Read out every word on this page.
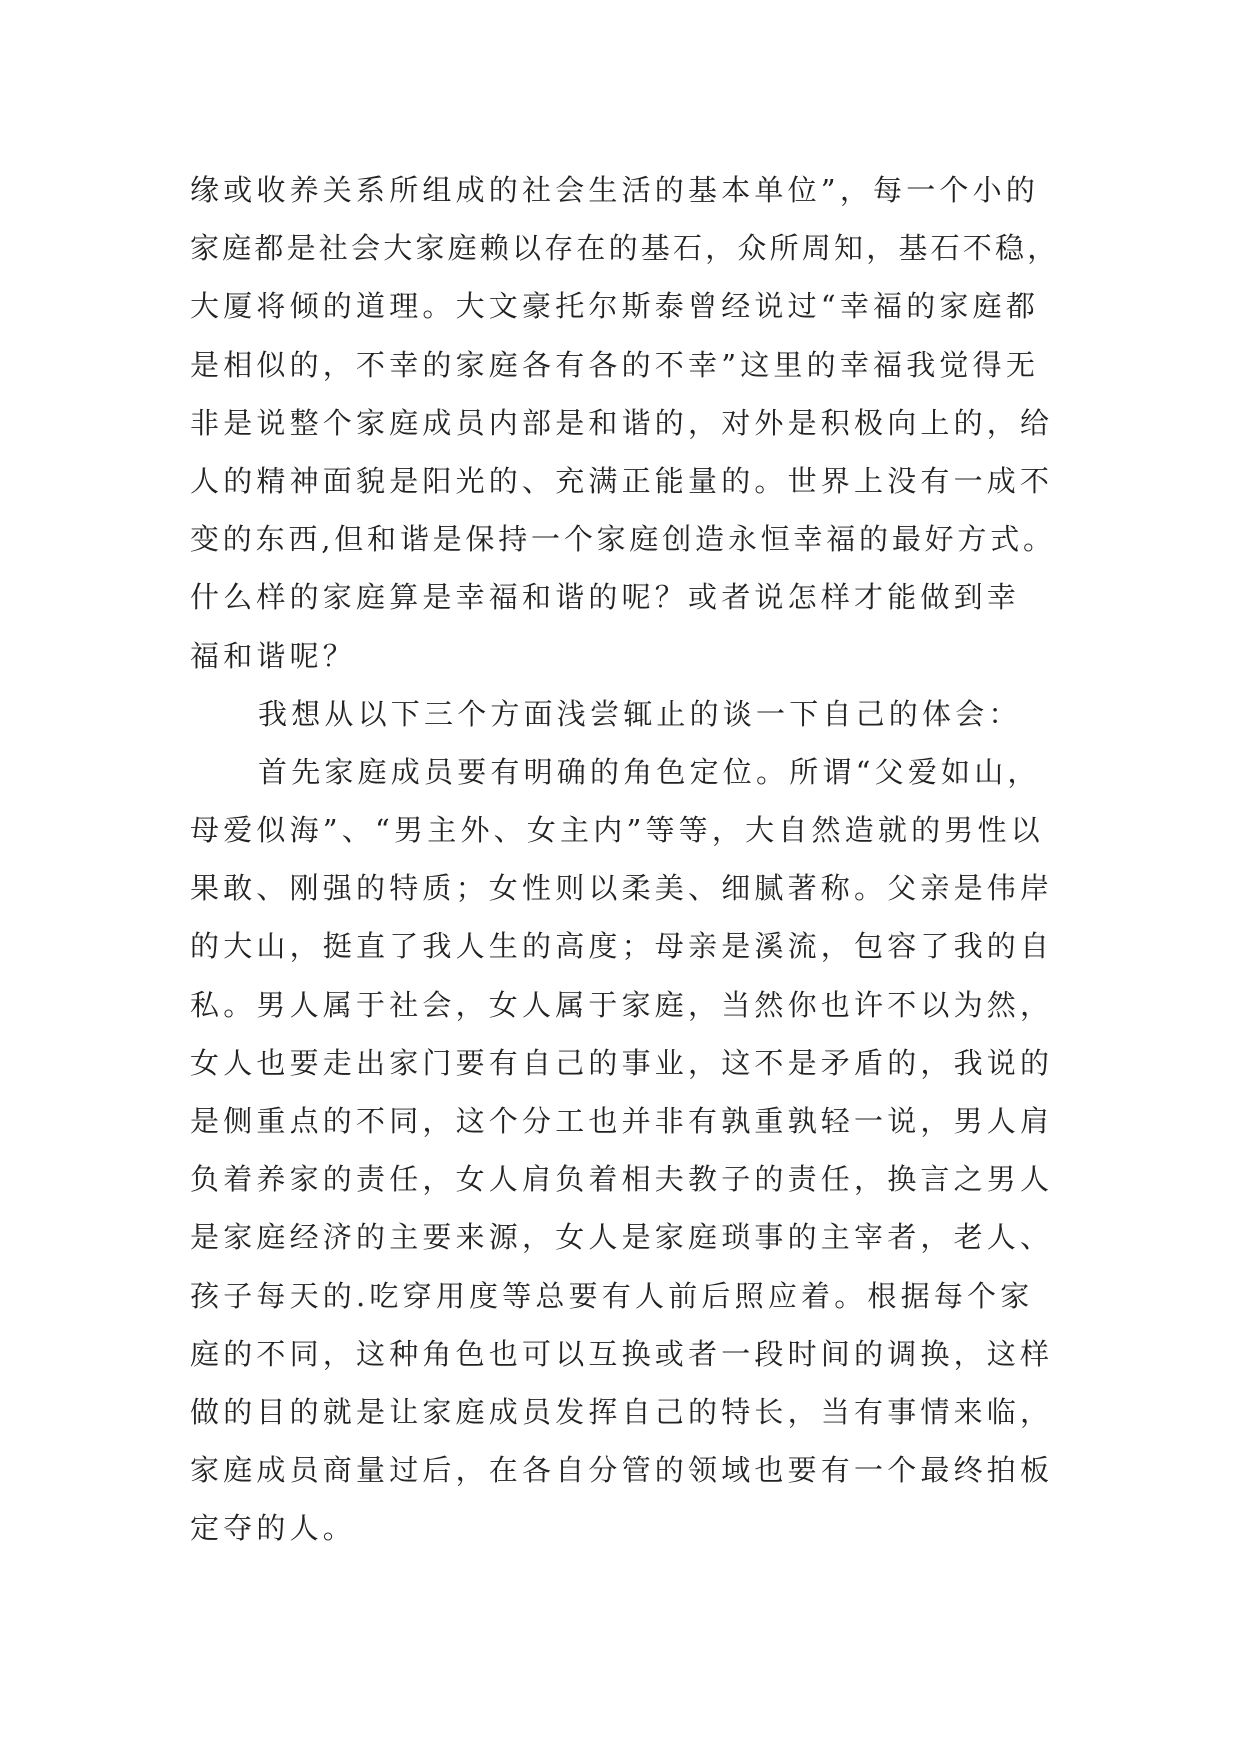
缘或收养关系所组成的社会生活的基本单位”，每一个小的
家庭都是社会大家庭赖以存在的基石，众所周知，基石不稳，
大厦将倾的道理。大文豪托尔斯泰曾经说过“幸福的家庭都
是相似的，不幸的家庭各有各的不幸”这里的幸福我觉得无
非是说整个家庭成员内部是和谐的，对外是积极向上的，给
人的精神面貌是阳光的、充满正能量的。世界上没有一成不
变的东西,但和谐是保持一个家庭创造永恒幸福的最好方式。
什么样的家庭算是幸福和谐的呢？或者说怎样才能做到幸
福和谐呢？
我想从以下三个方面浅尝辄止的谈一下自己的体会：
首先家庭成员要有明确的角色定位。所谓“父爱如山，
母爱似海”、“男主外、女主内”等等，大自然造就的男性以
果敢、刚强的特质；女性则以柔美、细腻著称。父亲是伟岸
的大山，挺直了我人生的高度；母亲是溪流，包容了我的自
私。男人属于社会，女人属于家庭，当然你也许不以为然，
女人也要走出家门要有自己的事业，这不是矛盾的，我说的
是侧重点的不同，这个分工也并非有孰重孰轻一说，男人肩
负着养家的责任，女人肩负着相夫教子的责任，换言之男人
是家庭经济的主要来源，女人是家庭琐事的主宰者，老人、
孩子每天的.吃穿用度等总要有人前后照应着。根据每个家
庭的不同，这种角色也可以互换或者一段时间的调换，这样
做的目的就是让家庭成员发挥自己的特长，当有事情来临，
家庭成员商量过后，在各自分管的领域也要有一个最终拍板
定夺的人。
